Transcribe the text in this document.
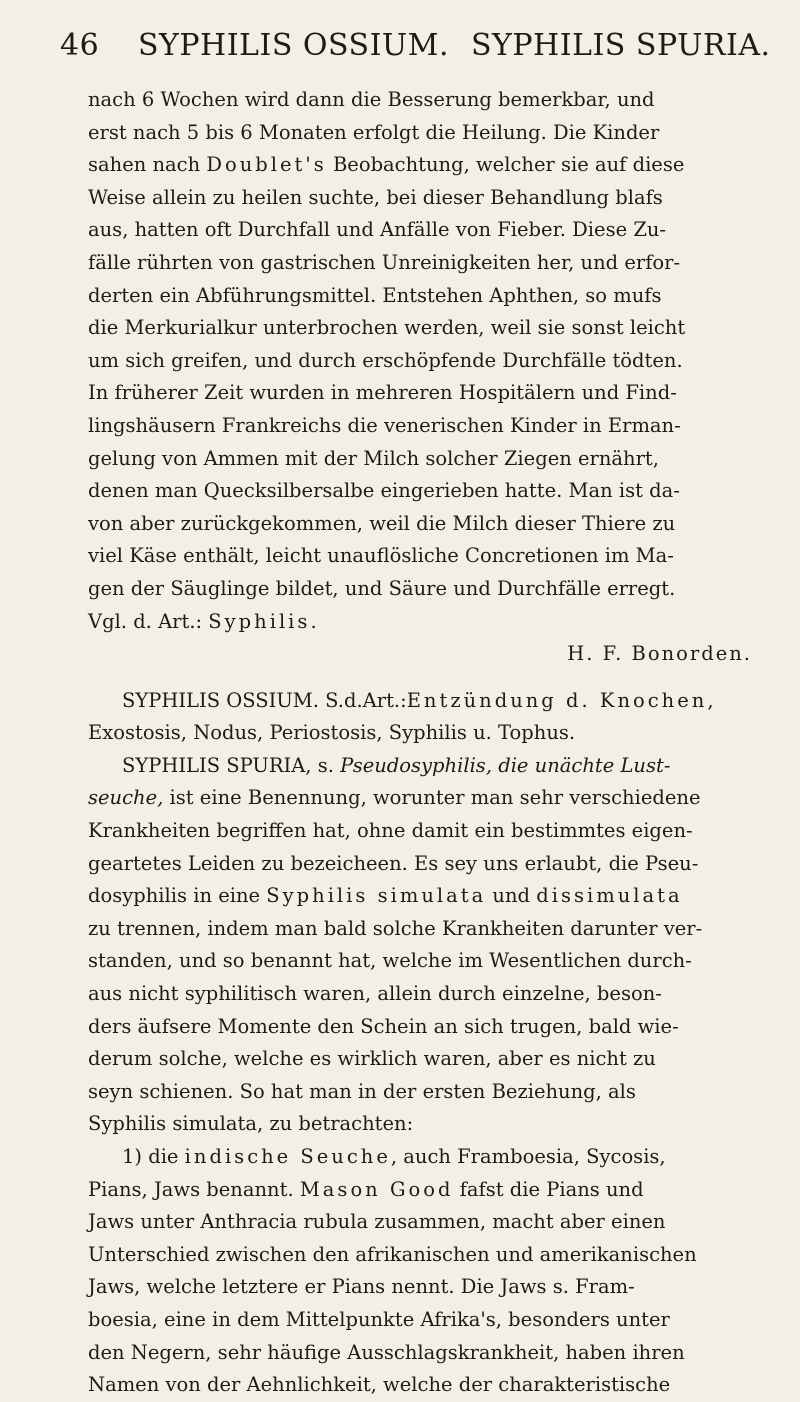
46 SYPHILIS OSSIUM. SYPHILIS SPURIA.
nach 6 Wochen wird dann die Besserung bemerkbar, und
erst nach 5 bis 6 Monaten erfolgt die Heilung. Die Kinder
sahen nach Doublet's Beobachtung, welcher sie auf diese
Weise allein zu heilen suchte, bei dieser Behandlung blafs
aus, hatten oft Durchfall und Anfälle von Fieber. Diese Zu-
fälle rührten von gastrischen Unreinigkeiten her, und erfor-
derten ein Abführungsmittel. Entstehen Aphthen, so mufs
die Merkurialkur unterbrochen werden, weil sie sonst leicht
um sich greifen, und durch erschöpfende Durchfälle tödten.
In früherer Zeit wurden in mehreren Hospitälern und Find-
lingshäusern Frankreichs die venerischen Kinder in Erman-
gelung von Ammen mit der Milch solcher Ziegen ernährt,
denen man Quecksilbersalbe eingerieben hatte. Man ist da-
von aber zurückgekommen, weil die Milch dieser Thiere zu
viel Käse enthält, leicht unauflösliche Concretionen im Ma-
gen der Säuglinge bildet, und Säure und Durchfälle erregt.
Vgl. d. Art.: Syphilis.
H. F. Bonorden.
SYPHILIS OSSIUM. S.d.Art.:Entzündung d. Knochen,
Exostosis, Nodus, Periostosis, Syphilis u. Tophus.
SYPHILIS SPURIA, s. Pseudosyphilis, die unächte Lust-
seuche, ist eine Benennung, worunter man sehr verschiedene
Krankheiten begriffen hat, ohne damit ein bestimmtes eigen-
geartetes Leiden zu bezeicheen. Es sey uns erlaubt, die Pseu-
dosyphilis in eine Syphilis simulata und dissimulata
zu trennen, indem man bald solche Krankheiten darunter ver-
standen, und so benannt hat, welche im Wesentlichen durch-
aus nicht syphilitisch waren, allein durch einzelne, beson-
ders äufsere Momente den Schein an sich trugen, bald wie-
derum solche, welche es wirklich waren, aber es nicht zu
seyn schienen. So hat man in der ersten Beziehung, als
Syphilis simulata, zu betrachten:
1) die indische Seuche, auch Framboesia, Sycosis,
Pians, Jaws benannt. Mason Good fafst die Pians und
Jaws unter Anthracia rubula zusammen, macht aber einen
Unterschied zwischen den afrikanischen und amerikanischen
Jaws, welche letztere er Pians nennt. Die Jaws s. Fram-
boesia, eine in dem Mittelpunkte Afrika's, besonders unter
den Negern, sehr häufige Ausschlagskrankheit, haben ihren
Namen von der Aehnlichkeit, welche der charakteristische
